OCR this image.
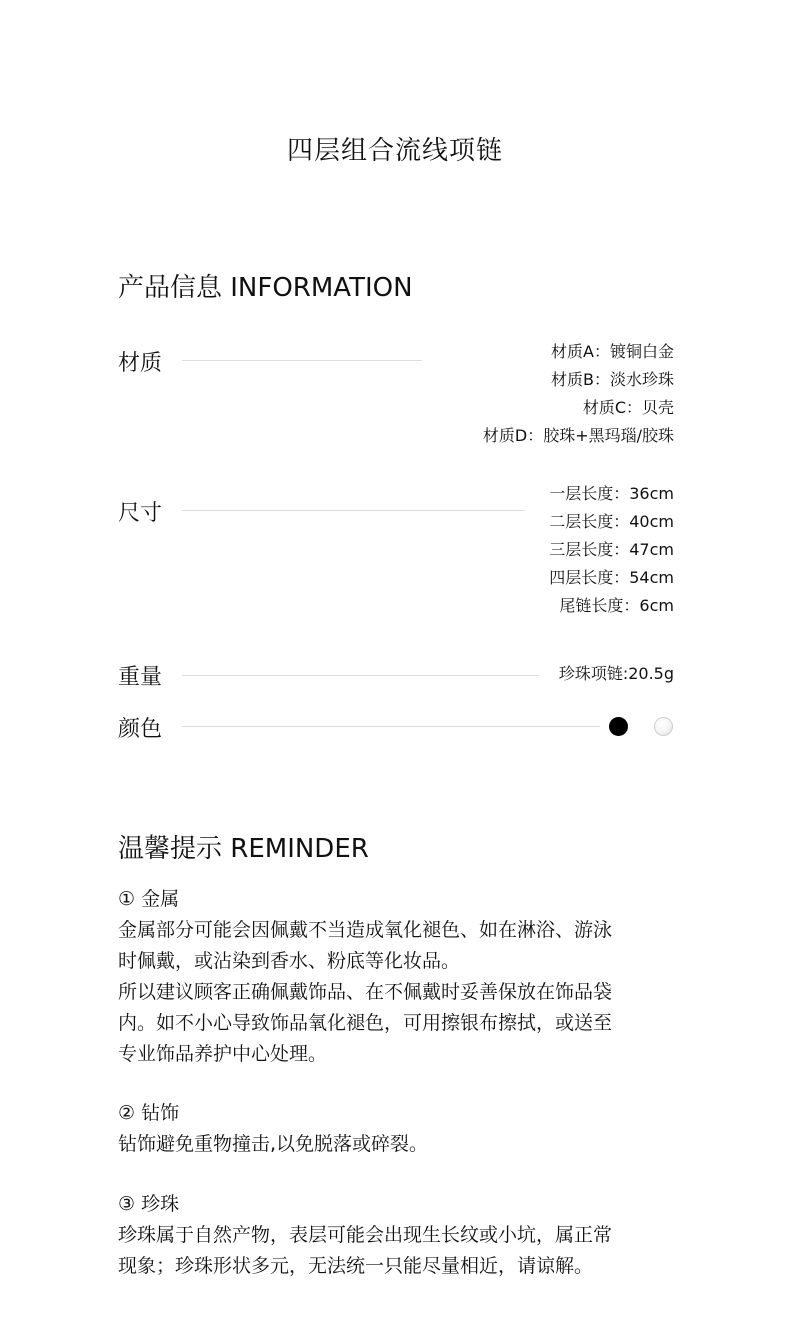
四层组合流线项链
产品信息 INFORMATION
材质	材质A：镀铜白金
材质B：淡水珍珠
材质C：贝壳
材质D：胶珠+黑玛瑙/胶珠
尺寸
一层长度：36cm
二层长度：40cm
三层长度：47cm
四层长度：54cm
尾链长度：6cm
重量	珍珠项链:20.5g
颜色
温馨提示 REMINDER
① 金属
金属部分可能会因佩戴不当造成氧化褪色、如在淋浴、游泳
时佩戴，或沾染到香水、粉底等化妆品。
所以建议顾客正确佩戴饰品、在不佩戴时妥善保放在饰品袋
内。如不小心导致饰品氧化褪色，可用擦银布擦拭，或送至
专业饰品养护中心处理。
② 钻饰
钻饰避免重物撞击,以免脱落或碎裂。
③ 珍珠
珍珠属于自然产物，表层可能会出现生长纹或小坑，属正常
现象；珍珠形状多元，无法统一只能尽量相近，请谅解。
